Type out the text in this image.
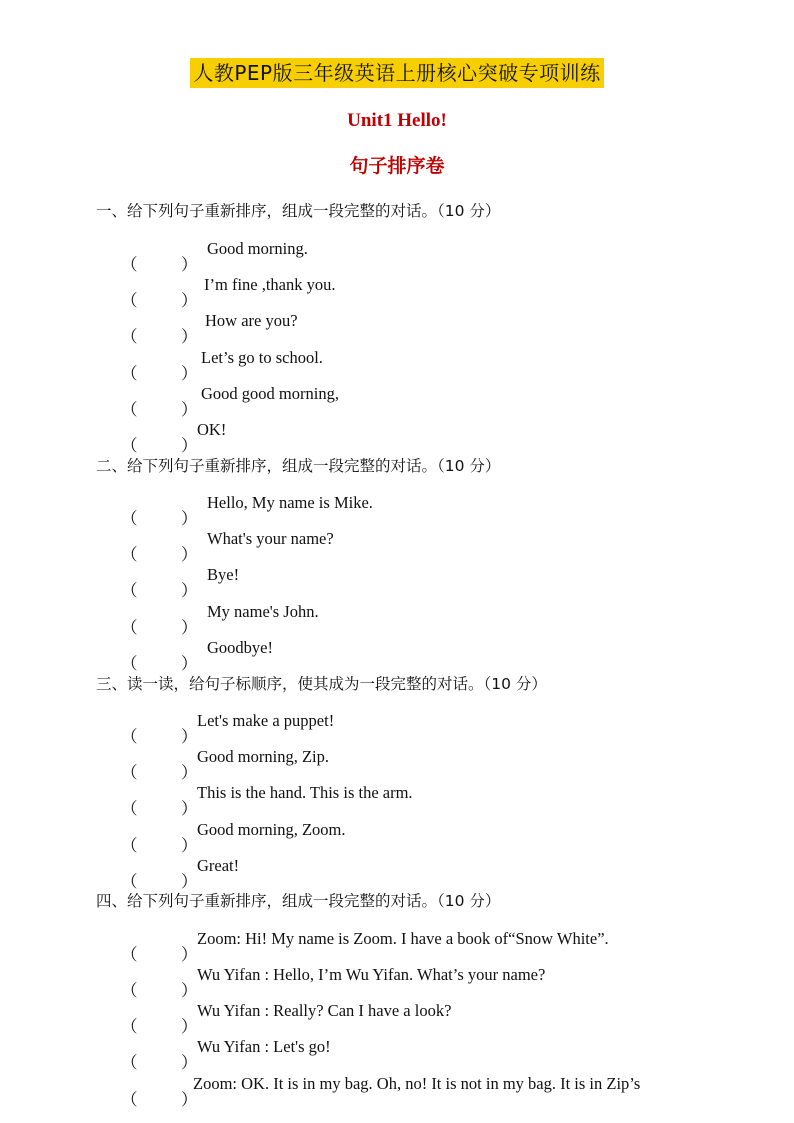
人教PEP版三年级英语上册核心突破专项训练
Unit1 Hello!
句子排序卷
一、给下列句子重新排序，组成一段完整的对话。（10 分）
（	）
Good morning.
（	）
I’m fine ,thank you.
（	）
How are you?
（	）
Let’s go to school.
（	）
Good good morning,
（	）
OK!
二、给下列句子重新排序，组成一段完整的对话。（10 分）
（	）
Hello, My name is Mike.
（	）
What's your name?
（	）
Bye!
（	）
My name's John.
（	）
Goodbye!
三、读一读，给句子标顺序，使其成为一段完整的对话。（10 分）
（	）
Let's make a puppet!
（	）
Good morning, Zip.
（	）
This is the hand. This is the arm.
（	）
Good morning, Zoom.
（	）
Great!
四、给下列句子重新排序，组成一段完整的对话。（10 分）
（	）
Zoom: Hi! My name is Zoom. I have a book of“Snow White”.
（	）
Wu Yifan : Hello, I’m Wu Yifan. What’s your name?
（	）
Wu Yifan : Really? Can I have a look?
（	）
Wu Yifan : Let's go!
（	）
Zoom: OK. It is in my bag. Oh, no! It is not in my bag. It is in Zip’s
